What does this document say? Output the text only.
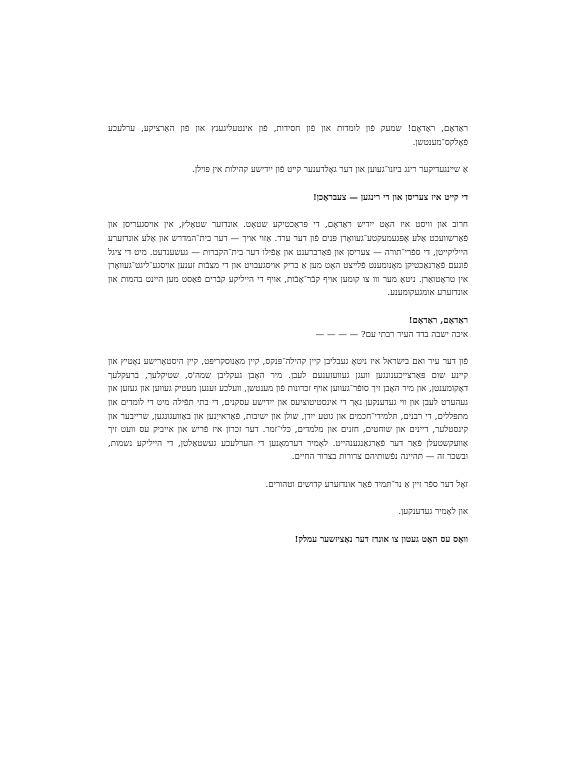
ראַדאָם, ראַדאָם! שמעק פֿון לומדות און פֿון חסידות, פֿון אינטעליגענץ און פֿון האַרציקע, ערלעכע פֿאָלקס־מענטשן.

אַ שײנגעדיקער רינג ביזנו־געוען און דער גאָלדענער קײט פֿון ייִדישע קהילות אין פּױלן.

די קײט איז צעריסן און די רינגען — צעבראָכן!

חרוב און וויסט איז האָט ייִדיש ראַדאָם, די פּראַכטיקע שטאָט. אונדזער שטאָלץ, אין אויסגעריסן און פֿאַרשוועכט אַלע אָפּגעמעקטע־געוואָרן פּנים פֿון דער ערד. אַזוי אויך — דער בית־המדרש און אַלע אונדזערע הייליקייטן, די ספֿרי־תורה — צעריסן און פֿאַרברענט און אַפֿילו דער בית־הקברות — געשענדעט. מיט די ציגל פֿונעם פֿאַרנאַכטיקן מאָנומענט פֿלײצט האָט מען אַ בריק אויסגעבויט און די מצבֿות זענען אויסגע־ליגט־געוואָרן אין טראָטואַרן. ניטאָ מער ווו צו קומען אויף קבֿר־אָבֿות, אויף די הייליקע קבֿרים פֿאַסט מען היינט בהמות און אונדזערע אומגעקומענע.

ראַדאָם, ראַדאָם!

איכה ישבה בדד העיר רבתי עם? — — — —

פֿון דער עיר ואם בישׂראל איז ניטאָ געבליבן קיין קהילה־פּנקס, קיין מאַנוסקריפּט, קיין היסטאָרישע נאָטיץ און קיינע שום פּאַרצייכענונגען וועגן געוועזענעם לעבן. מיר האָבן געקליבן שמה'ס, שטיקלעך, ברעקלעך דאָקומענטן, און מיר האָבן זיך סופֿר־געווען אויף זכרונות פֿון מענטשן, וועלכע זענען מעטיק געווען און געזען און געהערט לעבן און ווי געדענקען נאָך די אינסטיטוציעס און ייִדישע עסקנים, די בתי תפֿילה מיט די לומדים און מתפּללים, די רבנים, תּלמידי־חכמים און גוטע ייִדן, שולן און ישיבות, פֿאַראייַנען און באַוועגונגען, שרייבער און קינסטלער, דיינים און שוחטים, חזנים און מלמדים, כּלי־זמר. דער זכרון איז פֿריש און אייביק עס וועט זיך אַוועקשטעלן פֿאַר דער פֿאַרגאַנגענהייט. לאָמיר דערמאָנען די הערלעכע געשטאַלטן, די הייליקע נשמות, ובשכר זה — תּהיינה נפֿשותיהם צרורות בצרור החיים.

זאָל דער ספֿר זיין אַ נר־תּמיד פֿאַר אונדזערע קדושים וטהורים.

און לאָמיר געדענקען.

וואָס עס האָט געטון צו אונדז דער נאַציזשער עמלק!
